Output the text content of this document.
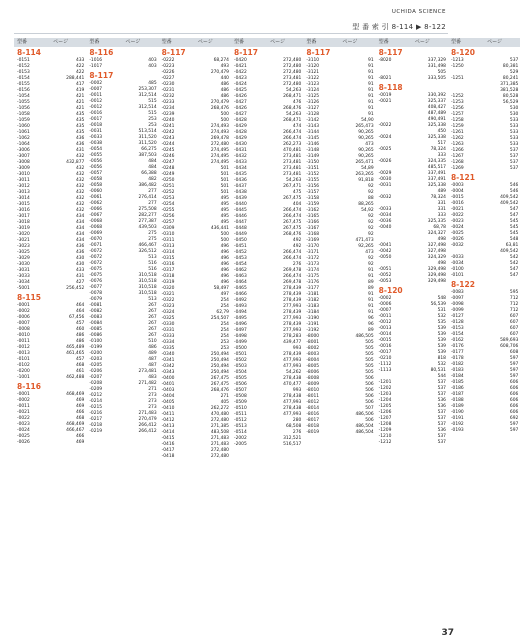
UCHIDA SCIENCE
型 番 索 引 8-114 ▶ 8-122
型番	ページ
8-114
-0151	433
-0152	422
-0153	422
-0154	288,441
-0155	417
-0156	419
-1054	421
-1055	421
-1056	421
-1058	435
-1059	435
-1060	435
-1061	435
-1062	436
-1064	436
-3006	431
-3007	432
-3008	432,877
-3009	432
-3010	432
-3011	432
-3012	432
-3013	432
-3014	432
-3015	432
-3016	432
-3017	434
-3018	434
-3019	434
-3020	434
-3021	434
-3023	436
-3025	436
-3029	430
-3030	430
-3031	433
-3033	431
-3034	427
-5001	256,452
8-115
-0001	464
-0002	464
-0006	67,456
-0007	457
-0008	460
-0010	486
-0011	486
-0012	465,489
-0013	461,465
-0101	457
-0102	468
-0200	461
-1001	462,488
8-116
-0001	468,469
-0002	469
-0011	469
-0021	466
-0022	468
-0023	468,469
-0024	466,467
-0025	466
-0026	469
型番	ページ
8-116
-1016	403
-1017	403
8-117
-0002	485
-0007	253,307
-0011	312,514
-0012	515
-0012	312,514
-0016	515
-0017	253
-0018	253
-0031	513,514
-0033	311,520
-0038	311,520
-0054	66,275
-0055	387,503
-0056	484
-0056	484
-0057	66,388
-0058	482
-0058	386,482
-0060	277
-0061	276,414
-0062	277
-0066	275,508
-0067	282,277
-0068	277,387
-0068	439,503
-0069	275
-0070	275
-0071	466,467
-0072	326,512
-0072	513
-0072	516
-0075	516
-0075	310,518
-0076	310,518
-0077	310,518
-0078	310,518
-0079	513
-0081	267
-0082	267
-0083	267
-0084	267
-0085	267
-0086	267
-0100	510
-0199	486
-0200	489
-0203	487
-0205	487
-0206	273,481
-0207	483
-0208	271,482
-0209	271
-0212	273
-0214	273
-0215	273
-0216	271,483
-0217	270,479
-0218	266,412
-0219	266,412
型番	ページ
8-117
-0222	68,274
-0223	493
-0226	270,479
-0227	440
-0230	486
-0231	486
-0232	486
-0233	270,479
-0234	268,476
-0239	500
-0240	500
-0241	274,493
-0242	274,493
-0243	269,478
-0244	272,480
-0245	274,495
-0246	274,495
-0247	274,495
-0248	501
-0249	501
-0250	501
-0251	501
-0252	501
-0253	495
-0254	495
-0255	495
-0256	495
-0257	495
-0309	436,441
-0310	500
-0311	500
-0313	496
-0314	496
-0315	496
-0316	496
-0317	496
-0318	496
-0319	496
-0320	58,497
-0321	497
-0322	254
-0323	254
-0324	62,79
-0325	254,507
-0330	254
-0331	254
-0333	254
-0334	253
-0335	253
-0340	250,494
-0341	250,494
-0342	250,494
-0343	250,494
-0400	267,475
-0401	267,475
-0403	268,476
-0404	271
-0405	405
-0410	262,272
-0411	470,480
-0412	272,480
-0413	271,385
-0414	483,508
-0415	271,483
-0416	271,483
-0417	272,480
-0418	272,480
型番	ページ
8-117
-0420	272,480
-0421	272,480
-0422	272,480
-0423	273,481
-0424	272,480
-0425	54,263
-0426	268,471
-0427	476
-0426	268,476
-0427	54,263
-0428	268,471
-0429	474
-0428	266,474
-0429	266,474
-0430	262,273
-0431	470,481
-0432	273,481
-0433	273,481
-0434	273,481
-0435	273,481
-0436	54,263
-0437	267,471
-0438	475
-0439	267,475
-0440	404
-0445	266,474
-0446	266,474
-0447	267,475
-0448	267,475
-0449	268,476
-0450	492
-0451	492
-0452	266,474
-0453	266,474
-0454	276
-0462	269,478
-0463	266,474
-0464	269,478
-0465	278,439
-0466	278,439
-0492	278,439
-0493	277,993
-0494	278,439
-0495	277,993
-0496	278,439
-0497	277,993
-0498	278,283
-0499	439,477
-0500	993
-0501	278,439
-0502	477,993
-0503	477,993
-0504	54,262
-0505	278,438
-0506	470,477
-0507	993
-0508	278,438
-0509	477,993
-0510	278,438
-0511	477,993
-0512	280
-0513	68,508
-0514	276
-2002	312,521
-2005	516,517
型番	ページ
8-117
-3110	91
-3120	91
-3121	91
-3122	91
-3123	91
-3124	91
-3125	91
-3126	91
-3127	91
-3128	91
-3142	54,90
-3143	265,473
-3144	90,265
-3145	90,265
-3146	473
-3148	90,265
-3149	90,265
-3150	265,471
-3151	54,89
-3152	263,265
-3155	91,818
-3156	92
-3157	92
-3158	88
-3159	88,265
-3162	54,92
-3165	92
-3166	92
-3167	92
-3168	92
-3169	471,473
-3170	92,265
-3171	473
-3172	92
-3173	92
-3174	91
-3175	91
-3176	89
-3177	89
-3181	91
-3182	91
-3183	91
-3184	91
-3190	96
-3191	96
-3192	89
-8000	486,505
-8001	505
-8002	505
-8003	505
-8004	505
-8005	505
-8006	505
-8008	506
-8009	506
-8010	506
-8011	506
-8012	506
-8014	507
-8016	486,506
-8017	506
-8018	486,504
-8019	486,504
型番	ページ
8-117
-8020	337,329
331,498
505
-8021	333,505
8-118
-0019	330,392
-0021	325,337
408,427
487,489
490,491
-0022	325,338
450
-0024	325,338
517
-0025	78,324
333
-0026	324,335
485,517
-0029	337,491
-0030	337,491
-0031	325,338
489
-0032	78,324
331
-0033	331
-0034	333
-0036	325,335
-0040	68,78
324,327
498
-0041	327,498
-0042	327,498
-0050	324,329
498
-0051	329,498
-0052	329,498
-0053	329,498
8-120
-0002	548
-0006	56,539
-0007	531
-0011	532
-0012	535
-0013	539
-0014	539
-0015	539
-0016	539
-0017	539
-0210	818
-1112	532
-1113	80,531
544
-1201	537
-1202	537
-1203	537
-1204	536
-1205	536
-1206	537
-1207	537
-1208	537
-1209	536
-1210	537
-1212	537
型番	ページ
8-120
-1213	537
-1250	80,381
529
-1251	80,241
371,385
381,528
-1252	80,528
-1253	56,529
-1256	530
-1257	530
-1258	533
-1259	533
-1261	533
-1262	533
-1263	533
-1266	537
-1267	537
-1268	537
-1269	537
8-121
-0003	546
-0004	546
-0015	409,542
-0016	409,542
-0021	547
-0022	547
-0023	545
-0024	545
-0025	545
-0026	548
-0032	63,81
409,542
-0033	542
-0034	542
-0100	547
-0101	547
8-122
-0083	595
-0097	712
-0098	712
-0099	712
-0127	607
-0128	607
-0153	607
-0154	607
-0162	589,693
-0176	608,706
-0177	608
-0178	597
-0182	597
-0183	597
-0184	597
-0185	606
-0186	606
-0187	606
-0188	606
-0189	606
-0190	606
-0191	692
-0192	597
-0193	597
37
